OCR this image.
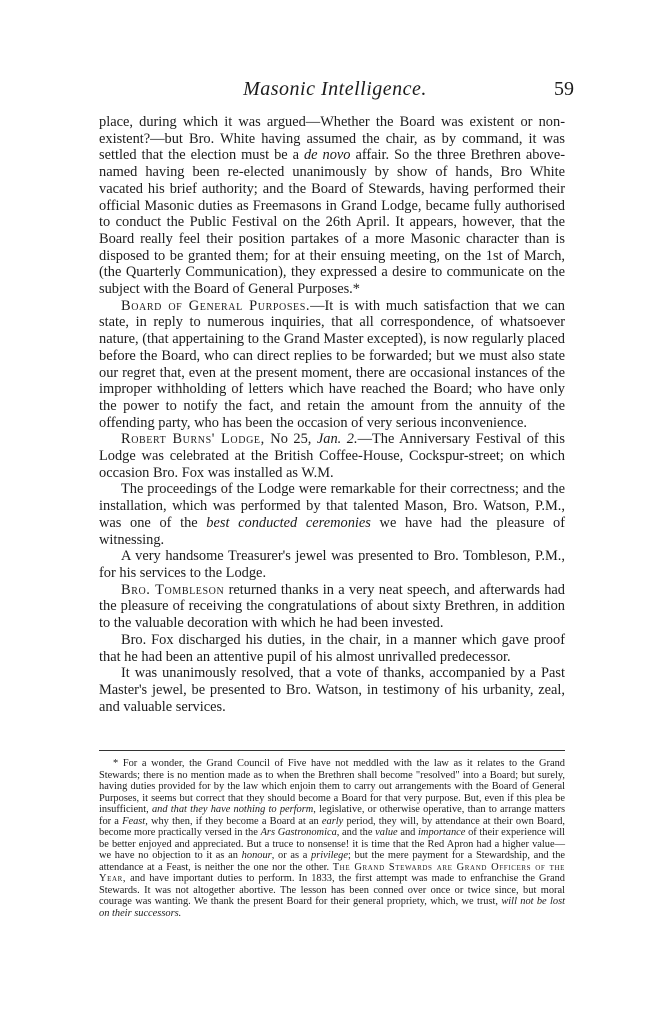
Masonic Intelligence.	59

place, during which it was argued—Whether the Board was existent or non-existent?—but Bro. White having assumed the chair, as by command, it was settled that the election must be a de novo affair. So the three Brethren above-named having been re-elected unanimously by show of hands, Bro White vacated his brief authority; and the Board of Stewards, having performed their official Masonic duties as Freemasons in Grand Lodge, became fully authorised to conduct the Public Festival on the 26th April. It appears, however, that the Board really feel their position partakes of a more Masonic character than is disposed to be granted them; for at their ensuing meeting, on the 1st of March, (the Quarterly Communication), they expressed a desire to communicate on the subject with the Board of General Purposes.*

Board of General Purposes.—It is with much satisfaction that we can state, in reply to numerous inquiries, that all correspondence, of whatsoever nature, (that appertaining to the Grand Master excepted), is now regularly placed before the Board, who can direct replies to be forwarded; but we must also state our regret that, even at the present moment, there are occasional instances of the improper withholding of letters which have reached the Board; who have only the power to notify the fact, and retain the amount from the annuity of the offending party, who has been the occasion of very serious inconvenience.

Robert Burns' Lodge, No 25, Jan. 2.—The Anniversary Festival of this Lodge was celebrated at the British Coffee-House, Cockspur-street; on which occasion Bro. Fox was installed as W.M.

The proceedings of the Lodge were remarkable for their correctness; and the installation, which was performed by that talented Mason, Bro. Watson, P.M., was one of the best conducted ceremonies we have had the pleasure of witnessing.

A very handsome Treasurer's jewel was presented to Bro. Tombleson, P.M., for his services to the Lodge.

Bro. Tombleson returned thanks in a very neat speech, and afterwards had the pleasure of receiving the congratulations of about sixty Brethren, in addition to the valuable decoration with which he had been invested.

Bro. Fox discharged his duties, in the chair, in a manner which gave proof that he had been an attentive pupil of his almost unrivalled predecessor.

It was unanimously resolved, that a vote of thanks, accompanied by a Past Master's jewel, be presented to Bro. Watson, in testimony of his urbanity, zeal, and valuable services.

* For a wonder, the Grand Council of Five have not meddled with the law as it relates to the Grand Stewards; there is no mention made as to when the Brethren shall become "resolved" into a Board; but surely, having duties provided for by the law which enjoin them to carry out arrangements with the Board of General Purposes, it seems but correct that they should become a Board for that very purpose. But, even if this plea be insufficient, and that they have nothing to perform, legislative, or otherwise operative, than to arrange matters for a Feast, why then, if they become a Board at an early period, they will, by attendance at their own Board, become more practically versed in the Ars Gastronomica, and the value and importance of their experience will be better enjoyed and appreciated. But a truce to nonsense! it is time that the Red Apron had a higher value—we have no objection to it as an honour, or as a privilege; but the mere payment for a Stewardship, and the attendance at a Feast, is neither the one nor the other. The Grand Stewards are Grand Officers of the Year, and have important duties to perform. In 1833, the first attempt was made to enfranchise the Grand Stewards. It was not altogether abortive. The lesson has been conned over once or twice since, but moral courage was wanting. We thank the present Board for their general propriety, which, we trust, will not be lost on their successors.
